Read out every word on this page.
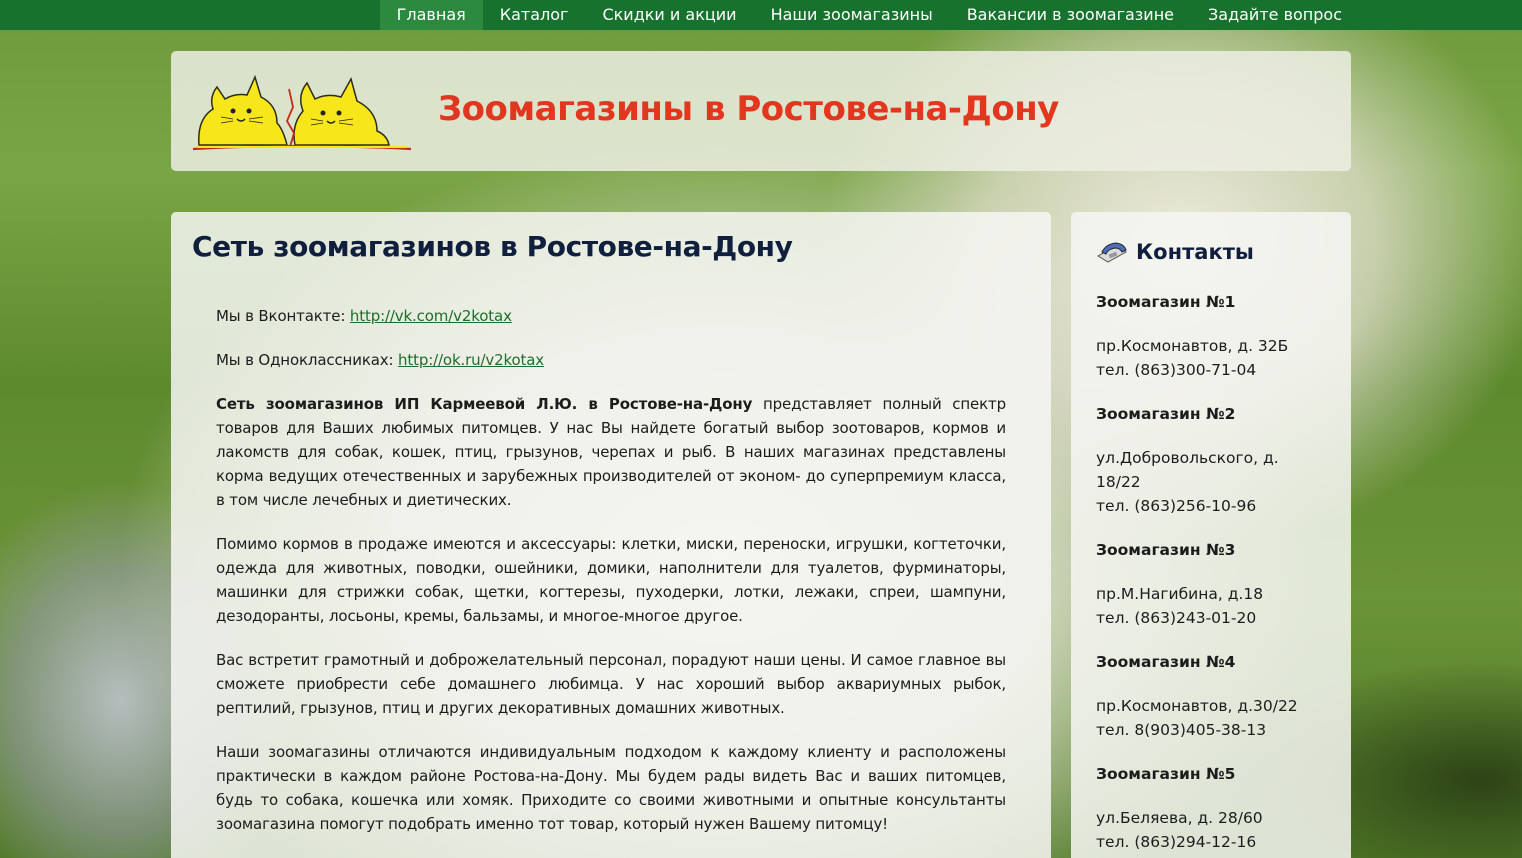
Главная	Каталог	Скидки и акции	Наши зоомагазины	Вакансии в зоомагазине	Задайте вопрос
Зоомагазины в Ростове-на-Дону
Сеть зоомагазинов в Ростове-на-Дону

Мы в Вконтакте: http://vk.com/v2kotax

Мы в Одноклассниках: http://ok.ru/v2kotax

Сеть зоомагазинов ИП Кармеевой Л.Ю. в Ростове-на-Дону представляет полный спектр товаров для Ваших любимых питомцев. У нас Вы найдете богатый выбор зоотоваров, кормов и лакомств для собак, кошек, птиц, грызунов, черепах и рыб. В наших магазинах представлены корма ведущих отечественных и зарубежных производителей от эконом- до суперпремиум класса, в том числе лечебных и диетических.

Помимо кормов в продаже имеются и аксессуары: клетки, миски, переноски, игрушки, когтеточки, одежда для животных, поводки, ошейники, домики, наполнители для туалетов, фурминаторы, машинки для стрижки собак, щетки, когтерезы, пуходерки, лотки, лежаки, спреи, шампуни, дезодоранты, лосьоны, кремы, бальзамы, и многое-многое другое.

Вас встретит грамотный и доброжелательный персонал, порадуют наши цены. И самое главное вы сможете приобрести себе домашнего любимца. У нас хороший выбор аквариумных рыбок, рептилий, грызунов, птиц и других декоративных домашних животных.

Наши зоомагазины отличаются индивидуальным подходом к каждому клиенту и расположены практически в каждом районе Ростова-на-Дону. Мы будем рады видеть Вас и ваших питомцев, будь то собака, кошечка или хомяк. Приходите со своими животными и опытные консультанты зоомагазина помогут подобрать именно тот товар, который нужен Вашему питомцу!

Контакты

Зоомагазин №1

пр.Космонавтов, д. 32Б

тел. (863)300-71-04

Зоомагазин №2

ул.Добровольского, д. 18/22

тел. (863)256-10-96

Зоомагазин №3

пр.М.Нагибина, д.18

тел. (863)243-01-20

Зоомагазин №4

пр.Космонавтов, д.30/22

тел. 8(903)405-38-13

Зоомагазин №5

ул.Беляева, д. 28/60

тел. (863)294-12-16
